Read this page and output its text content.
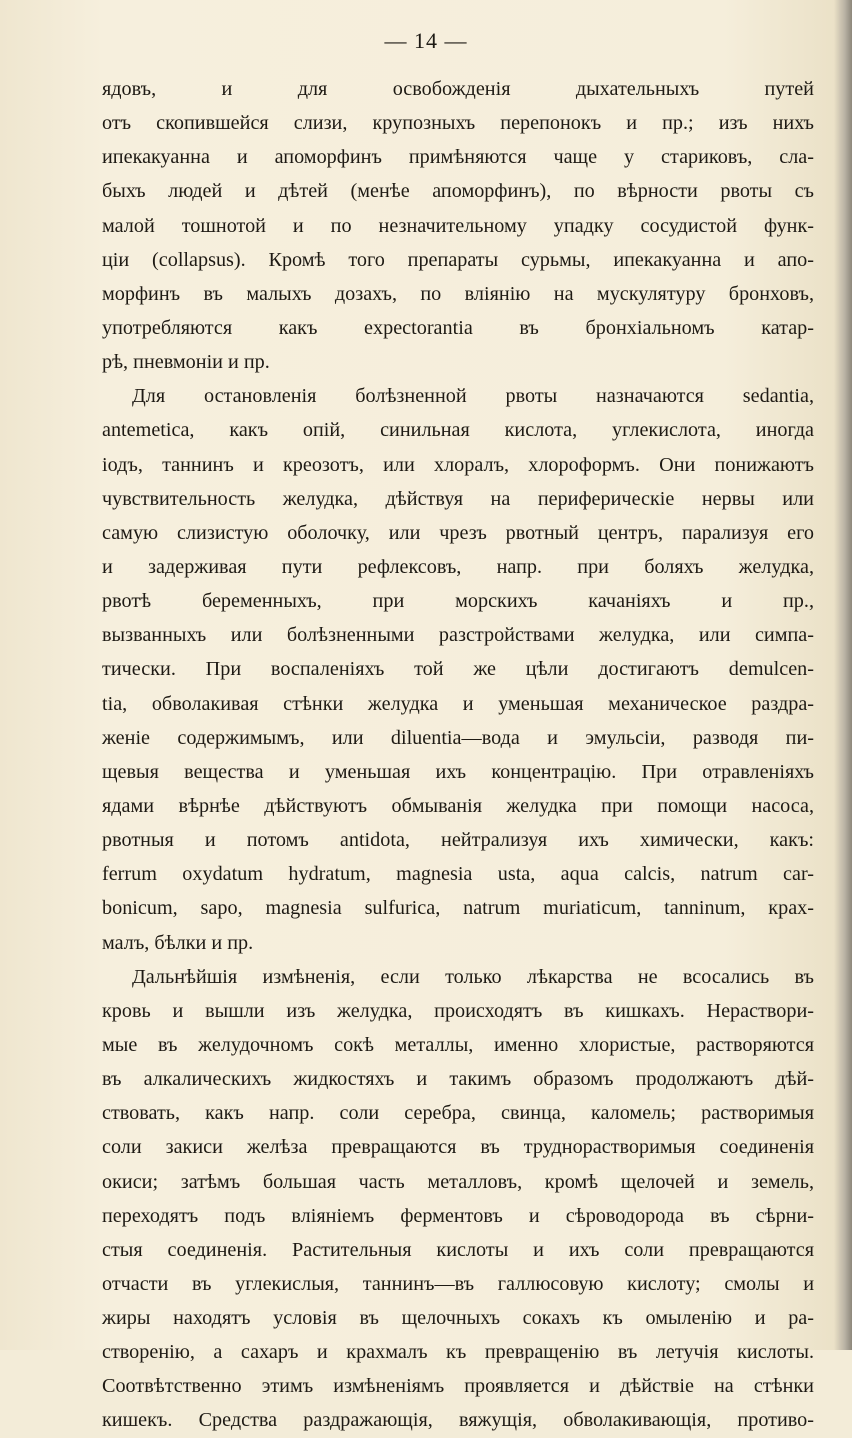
— 14 —
ядовъ, и для освобожденiя дыхательныхъ путей
отъ скопившейся слизи, крупозныхъ перепонокъ и пр.; изъ нихъ
ипекакуанна и апоморфинъ примѣняются чаще у стариковъ, сла-
быхъ людей и дѣтей (менѣе апоморфинъ), по вѣрности рвоты съ
малой тошнотой и по незначительному упадку сосудистой функ-
цiи (collapsus). Кромѣ того препараты сурьмы, ипекакуанна и апо-
морфинъ въ малыхъ дозахъ, по влiянiю на мускулятуру бронховъ,
употребляются какъ expectorantia въ бронхiальномъ катар-
рѣ, пневмонiи и пр.
Для остановленiя болѣзненной рвоты назначаются sedantia,
antemetica, какъ опiй, синильная кислота, углекислота, иногда
iодъ, таннинъ и креозотъ, или хлоралъ, хлороформъ. Они понижаютъ
чувствительность желудка, дѣйствуя на периферическiе нервы или
самую слизистую оболочку, или чрезъ рвотный центръ, парализуя его
и задерживая пути рефлексовъ, напр. при боляхъ желудка,
рвотѣ беременныхъ, при морскихъ качанiяхъ и пр.,
вызванныхъ или болѣзненными разстройствами желудка, или симпа-
тически. При воспаленiяхъ той же цѣли достигаютъ demulcen-
tia, обволакивая стѣнки желудка и уменьшая механическое раздра-
женiе содержимымъ, или diluentia—вода и эмульсiи, разводя пи-
щевыя вещества и уменьшая ихъ концентрацiю. При отравленiяхъ
ядами вѣрнѣе дѣйствуютъ обмыванiя желудка при помощи насоса,
рвотныя и потомъ antidota, нейтрализуя ихъ химически, какъ:
ferrum oxydatum hydratum, magnesia usta, aqua calcis, natrum car-
bonicum, sapo, magnesia sulfurica, natrum muriaticum, tanninum, крах-
малъ, бѣлки и пр.
Дальнѣйшiя измѣненiя, если только лѣкарства не всосались въ
кровь и вышли изъ желудка, происходятъ въ кишкахъ. Нераствори-
мые въ желудочномъ сокѣ металлы, именно хлористые, растворяются
въ алкалическихъ жидкостяхъ и такимъ образомъ продолжаютъ дѣй-
ствовать, какъ напр. соли серебра, свинца, каломель; растворимыя
соли закиси желѣза превращаются въ труднорастворимыя соединенiя
окиси; затѣмъ большая часть металловъ, кромѣ щелочей и земель,
переходятъ подъ влiянiемъ ферментовъ и сѣроводорода въ сѣрни-
стыя соединенiя. Растительныя кислоты и ихъ соли превращаются
отчасти въ углекислыя, таннинъ—въ галлюсовую кислоту; смолы и
жиры находятъ условiя въ щелочныхъ сокахъ къ омыленiю и ра-
створенiю, а сахаръ и крахмалъ къ превращенiю въ летучiя кислоты.
Соотвѣтственно этимъ измѣненiямъ проявляется и дѣйствiе на стѣнки
кишекъ. Средства раздражающiя, вяжущiя, обволакивающiя, противо-
